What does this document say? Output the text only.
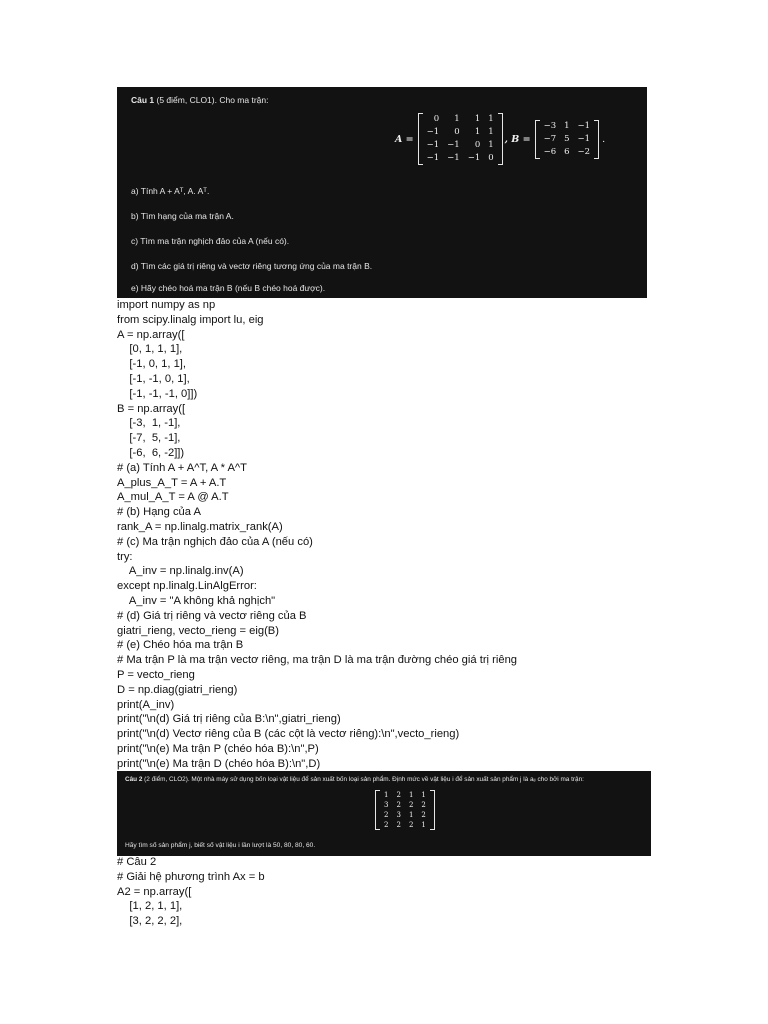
Câu 1 (5 điểm, CLO1). Cho ma trận:
A =
0	1	1	1
−1	0	1	1
−1	−1	0	1
−1	−1	−1	0
, B =
−3	1	−1
−7	5	−1
−6	6	−2
.
a) Tính A + Aᵀ, A. Aᵀ.
b) Tìm hạng của ma trận A.
c) Tìm ma trận nghịch đảo của A (nếu có).
d) Tìm các giá trị riêng và vectơ riêng tương ứng của ma trận B.
e) Hãy chéo hoá ma trận B (nếu B chéo hoá được).
import numpy as np
from scipy.linalg import lu, eig
A = np.array([
[0, 1, 1, 1],
[-1, 0, 1, 1],
[-1, -1, 0, 1],
[-1, -1, -1, 0]])
B = np.array([
[-3,  1, -1],
[-7,  5, -1],
[-6,  6, -2]])
# (a) Tính A + A^T, A * A^T
A_plus_A_T = A + A.T
A_mul_A_T = A @ A.T
# (b) Hạng của A
rank_A = np.linalg.matrix_rank(A)
# (c) Ma trận nghịch đảo của A (nếu có)
try:
A_inv = np.linalg.inv(A)
except np.linalg.LinAlgError:
A_inv = "A không khả nghịch"
# (d) Giá trị riêng và vectơ riêng của B
giatri_rieng, vecto_rieng = eig(B)
# (e) Chéo hóa ma trận B
# Ma trận P là ma trận vectơ riêng, ma trận D là ma trận đường chéo giá trị riêng
P = vecto_rieng
D = np.diag(giatri_rieng)
print(A_inv)
print("\n(d) Giá trị riêng của B:\n",giatri_rieng)
print("\n(d) Vectơ riêng của B (các cột là vectơ riêng):\n",vecto_rieng)
print("\n(e) Ma trận P (chéo hóa B):\n",P)
print("\n(e) Ma trận D (chéo hóa B):\n",D)
Câu 2 (2 điểm, CLO2). Một nhà máy sử dụng bốn loại vật liệu để sản xuất bốn loại sản phẩm. Định mức về vật liệu i để sản xuất sản phẩm j là aᵢⱼ cho bởi ma trận:
1	2	1	1
3	2	2	2
2	3	1	2
2	2	2	1
Hãy tìm số sản phẩm j, biết số vật liệu i lần lượt là 50, 80, 80, 60.
# Câu 2
# Giải hệ phương trình Ax = b
A2 = np.array([
[1, 2, 1, 1],
[3, 2, 2, 2],
